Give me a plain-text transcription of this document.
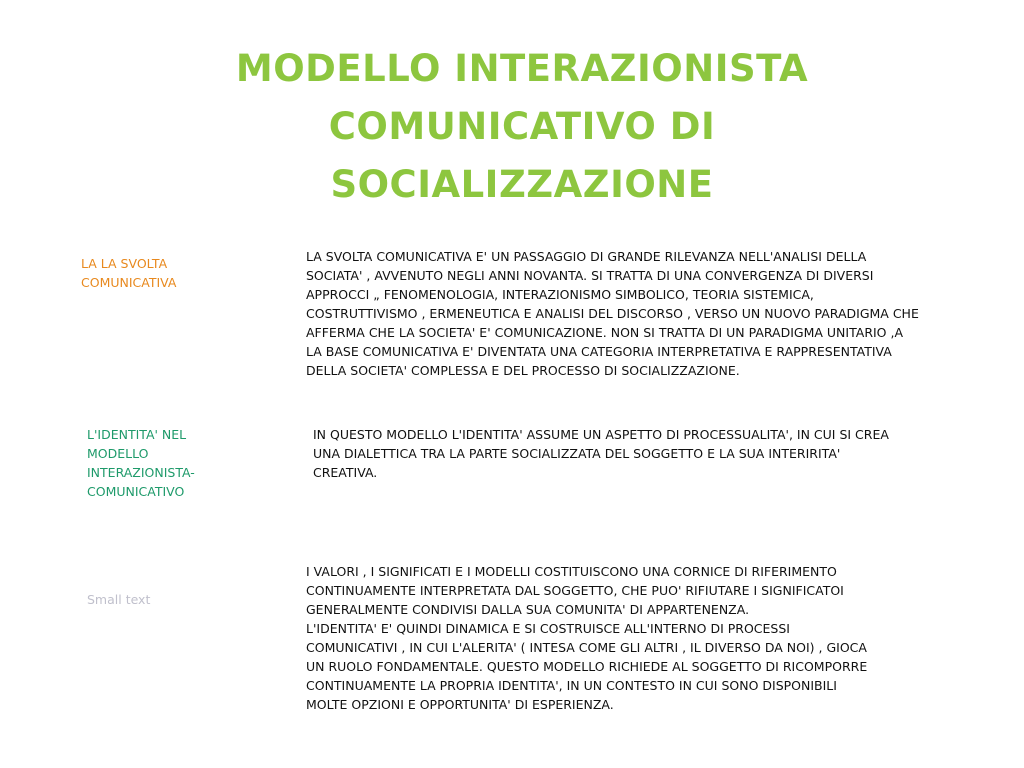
MODELLO INTERAZIONISTA
COMUNICATIVO DI
SOCIALIZZAZIONE
LA LA SVOLTA
COMUNICATIVA
LA SVOLTA COMUNICATIVA E' UN PASSAGGIO DI GRANDE RILEVANZA NELL'ANALISI DELLA
SOCIATA' , AVVENUTO NEGLI ANNI NOVANTA. SI TRATTA DI UNA CONVERGENZA DI DIVERSI
APPROCCI „ FENOMENOLOGIA, INTERAZIONISMO SIMBOLICO, TEORIA SISTEMICA,
COSTRUTTIVISMO , ERMENEUTICA E ANALISI DEL DISCORSO , VERSO UN NUOVO PARADIGMA CHE
AFFERMA CHE LA SOCIETA' E' COMUNICAZIONE. NON SI TRATTA DI UN PARADIGMA UNITARIO ,A
LA BASE COMUNICATIVA E' DIVENTATA UNA CATEGORIA INTERPRETATIVA E RAPPRESENTATIVA
DELLA SOCIETA' COMPLESSA E DEL PROCESSO DI SOCIALIZZAZIONE.
L'IDENTITA' NEL
MODELLO
INTERAZIONISTA-
COMUNICATIVO
IN QUESTO MODELLO L'IDENTITA' ASSUME UN ASPETTO DI PROCESSUALITA', IN CUI SI CREA
UNA DIALETTICA TRA LA PARTE SOCIALIZZATA DEL SOGGETTO E LA SUA INTERIRITA'
CREATIVA.
Small text
I VALORI , I SIGNIFICATI E I MODELLI COSTITUISCONO UNA CORNICE DI RIFERIMENTO
CONTINUAMENTE INTERPRETATA DAL SOGGETTO, CHE PUO' RIFIUTARE I SIGNIFICATOI
GENERALMENTE CONDIVISI DALLA SUA COMUNITA' DI APPARTENENZA.
L'IDENTITA' E' QUINDI DINAMICA E SI COSTRUISCE ALL'INTERNO DI PROCESSI
COMUNICATIVI , IN CUI L'ALERITA' ( INTESA COME GLI ALTRI , IL DIVERSO DA NOI) , GIOCA
UN RUOLO FONDAMENTALE. QUESTO MODELLO RICHIEDE AL SOGGETTO DI RICOMPORRE
CONTINUAMENTE LA PROPRIA IDENTITA', IN UN CONTESTO IN CUI SONO DISPONIBILI
MOLTE OPZIONI E OPPORTUNITA' DI ESPERIENZA.
